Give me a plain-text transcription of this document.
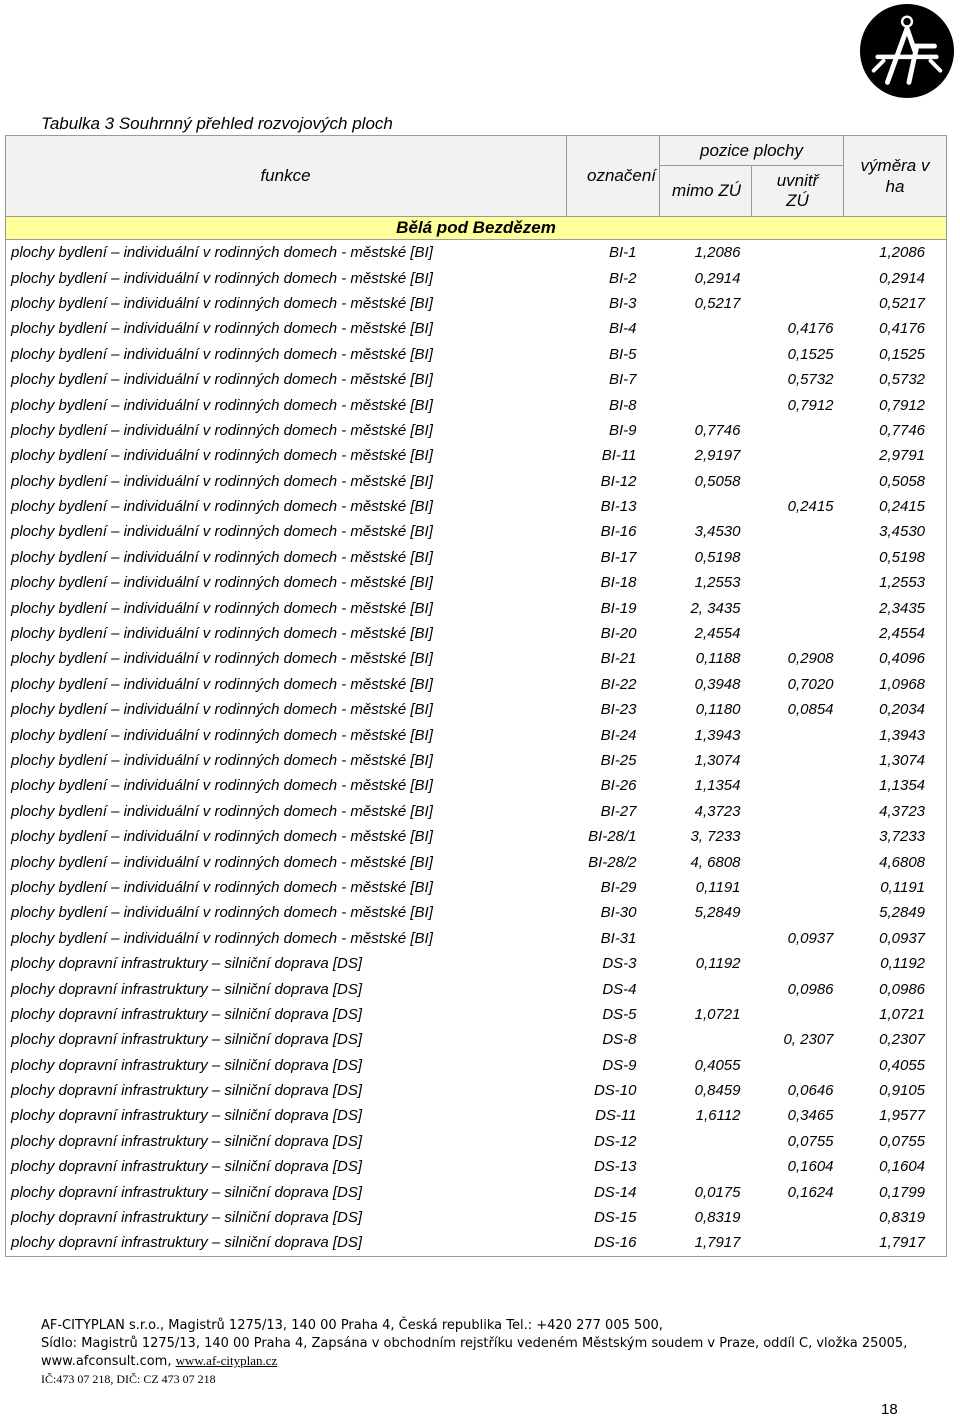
Tabulka 3 Souhrnný přehled rozvojových ploch
funkce	označení	pozice plochy		výměra v
ha
		mimo ZÚ	uvnitř
ZÚ	
Bělá pod Bezdězem				
plochy bydlení – individuální v rodinných domech - městské [BI]	BI-1	1,2086		1,2086
plochy bydlení – individuální v rodinných domech - městské [BI]	BI-2	0,2914		0,2914
plochy bydlení – individuální v rodinných domech - městské [BI]	BI-3	0,5217		0,5217
plochy bydlení – individuální v rodinných domech - městské [BI]	BI-4		0,4176	0,4176
plochy bydlení – individuální v rodinných domech - městské [BI]	BI-5		0,1525	0,1525
plochy bydlení – individuální v rodinných domech - městské [BI]	BI-7		0,5732	0,5732
plochy bydlení – individuální v rodinných domech - městské [BI]	BI-8		0,7912	0,7912
plochy bydlení – individuální v rodinných domech - městské [BI]	BI-9	0,7746		0,7746
plochy bydlení – individuální v rodinných domech - městské [BI]	BI-11	2,9197		2,9791
plochy bydlení – individuální v rodinných domech - městské [BI]	BI-12	0,5058		0,5058
plochy bydlení – individuální v rodinných domech - městské [BI]	BI-13		0,2415	0,2415
plochy bydlení – individuální v rodinných domech - městské [BI]	BI-16	3,4530		3,4530
plochy bydlení – individuální v rodinných domech - městské [BI]	BI-17	0,5198		0,5198
plochy bydlení – individuální v rodinných domech - městské [BI]	BI-18	1,2553		1,2553
plochy bydlení – individuální v rodinných domech - městské [BI]	BI-19	2, 3435		2,3435
plochy bydlení – individuální v rodinných domech - městské [BI]	BI-20	2,4554		2,4554
plochy bydlení – individuální v rodinných domech - městské [BI]	BI-21	0,1188	0,2908	0,4096
plochy bydlení – individuální v rodinných domech - městské [BI]	BI-22	0,3948	0,7020	1,0968
plochy bydlení – individuální v rodinných domech - městské [BI]	BI-23	0,1180	0,0854	0,2034
plochy bydlení – individuální v rodinných domech - městské [BI]	BI-24	1,3943		1,3943
plochy bydlení – individuální v rodinných domech - městské [BI]	BI-25	1,3074		1,3074
plochy bydlení – individuální v rodinných domech - městské [BI]	BI-26	1,1354		1,1354
plochy bydlení – individuální v rodinných domech - městské [BI]	BI-27	4,3723		4,3723
plochy bydlení – individuální v rodinných domech - městské [BI]	BI-28/1	3, 7233		3,7233
plochy bydlení – individuální v rodinných domech - městské [BI]	BI-28/2	4, 6808		4,6808
plochy bydlení – individuální v rodinných domech - městské [BI]	BI-29	0,1191		0,1191
plochy bydlení – individuální v rodinných domech - městské [BI]	BI-30	5,2849		5,2849
plochy bydlení – individuální v rodinných domech - městské [BI]	BI-31		0,0937	0,0937
plochy dopravní infrastruktury – silniční doprava [DS]	DS-3	0,1192		0,1192
plochy dopravní infrastruktury – silniční doprava [DS]	DS-4		0,0986	0,0986
plochy dopravní infrastruktury – silniční doprava [DS]	DS-5	1,0721		1,0721
plochy dopravní infrastruktury – silniční doprava [DS]	DS-8		0, 2307	0,2307
plochy dopravní infrastruktury – silniční doprava [DS]	DS-9	0,4055		0,4055
plochy dopravní infrastruktury – silniční doprava [DS]	DS-10	0,8459	0,0646	0,9105
plochy dopravní infrastruktury – silniční doprava [DS]	DS-11	1,6112	0,3465	1,9577
plochy dopravní infrastruktury – silniční doprava [DS]	DS-12		0,0755	0,0755
plochy dopravní infrastruktury – silniční doprava [DS]	DS-13		0,1604	0,1604
plochy dopravní infrastruktury – silniční doprava [DS]	DS-14	0,0175	0,1624	0,1799
plochy dopravní infrastruktury – silniční doprava [DS]	DS-15	0,8319		0,8319
plochy dopravní infrastruktury – silniční doprava [DS]	DS-16	1,7917		1,7917
AF-CITYPLAN s.r.o., Magistrů 1275/13, 140 00 Praha 4, Česká republika Tel.: +420 277 005 500,
Sídlo: Magistrů 1275/13, 140 00 Praha 4, Zapsána v obchodním rejstříku vedeném Městským soudem v Praze, oddíl C, vložka 25005,
www.afconsult.com, www.af-cityplan.cz
IČ:473 07 218, DIČ: CZ 473 07 218
18
